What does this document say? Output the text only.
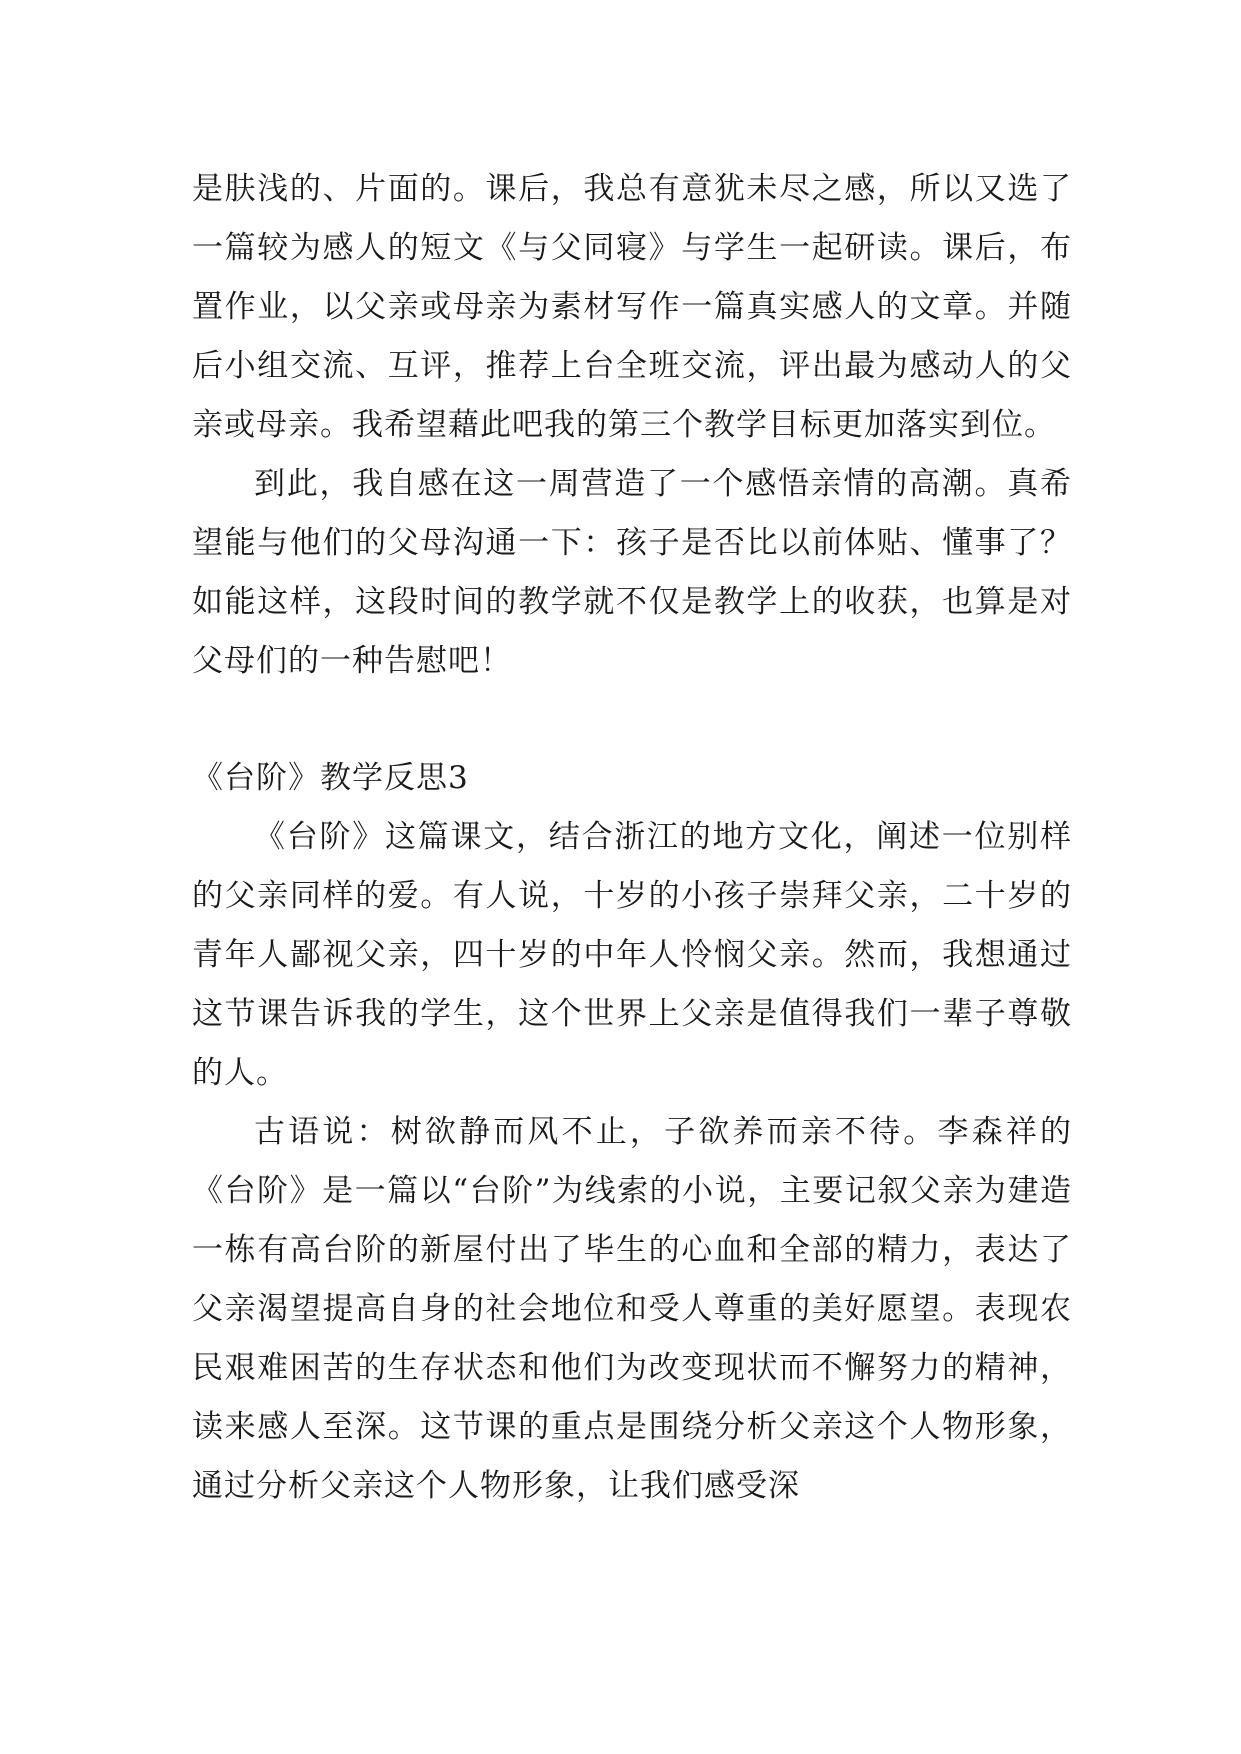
是肤浅的、片面的。课后，我总有意犹未尽之感，所以又选了一篇较为感人的短文《与父同寝》与学生一起研读。课后，布置作业，以父亲或母亲为素材写作一篇真实感人的文章。并随后小组交流、互评，推荐上台全班交流，评出最为感动人的父亲或母亲。我希望藉此吧我的第三个教学目标更加落实到位。

到此，我自感在这一周营造了一个感悟亲情的高潮。真希望能与他们的父母沟通一下：孩子是否比以前体贴、懂事了？如能这样，这段时间的教学就不仅是教学上的收获，也算是对父母们的一种告慰吧！

《台阶》教学反思3

《台阶》这篇课文，结合浙江的地方文化，阐述一位别样的父亲同样的爱。有人说，十岁的小孩子崇拜父亲，二十岁的青年人鄙视父亲，四十岁的中年人怜悯父亲。然而，我想通过这节课告诉我的学生，这个世界上父亲是值得我们一辈子尊敬的人。

古语说：树欲静而风不止，子欲养而亲不待。李森祥的《台阶》是一篇以“台阶”为线索的小说，主要记叙父亲为建造一栋有高台阶的新屋付出了毕生的心血和全部的精力，表达了父亲渴望提高自身的社会地位和受人尊重的美好愿望。表现农民艰难困苦的生存状态和他们为改变现状而不懈努力的精神，读来感人至深。这节课的重点是围绕分析父亲这个人物形象，通过分析父亲这个人物形象，让我们感受深
